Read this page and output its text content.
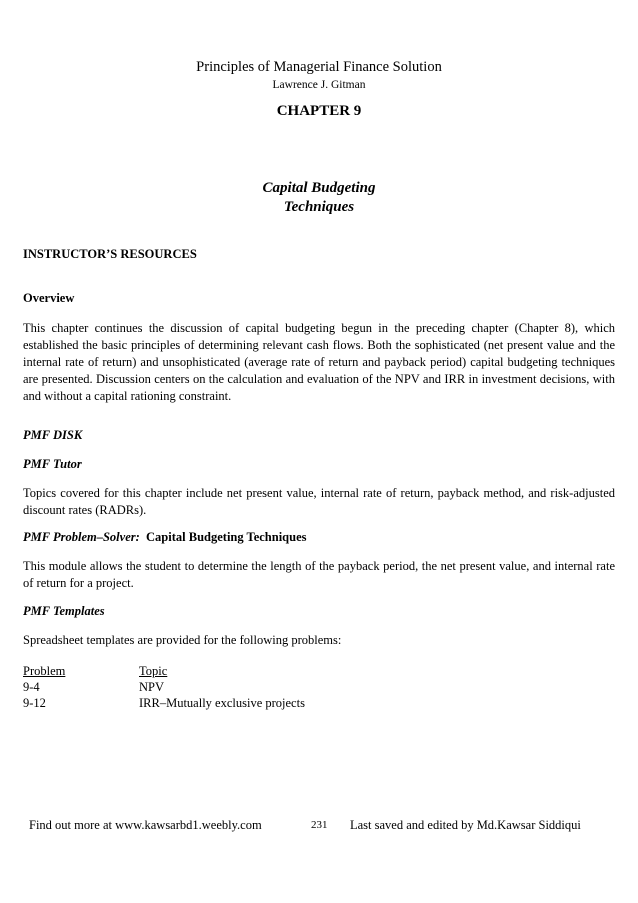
Principles of Managerial Finance Solution
Lawrence J. Gitman
CHAPTER 9
Capital Budgeting
Techniques
INSTRUCTOR’S RESOURCES
Overview
This chapter continues the discussion of capital budgeting begun in the preceding chapter (Chapter 8), which established the basic principles of determining relevant cash flows. Both the sophisticated (net present value and the internal rate of return) and unsophisticated (average rate of return and payback period) capital budgeting techniques are presented. Discussion centers on the calculation and evaluation of the NPV and IRR in investment decisions, with and without a capital rationing constraint.
PMF DISK
PMF Tutor
Topics covered for this chapter include net present value, internal rate of return, payback method, and risk-adjusted discount rates (RADRs).
PMF Problem–Solver: Capital Budgeting Techniques
This module allows the student to determine the length of the payback period, the net present value, and internal rate of return for a project.
PMF Templates
Spreadsheet templates are provided for the following problems:
Problem	Topic
9-4	NPV
9-12	IRR–Mutually exclusive projects
Find out more at www.kawsarbd1.weebly.com	231 Last saved and edited by Md.Kawsar Siddiqui
